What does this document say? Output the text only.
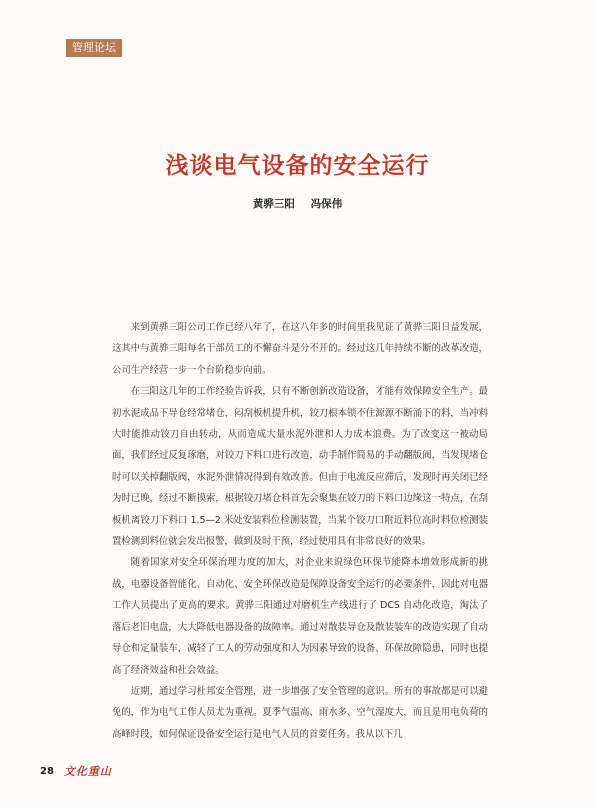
管理论坛
浅谈电气设备的安全运行
黄骅三阳 冯保伟

来到黄骅三阳公司工作已经八年了，在这八年多的时间里我见证了黄骅三阳日益发展，这其中与黄骅三阳每名干部员工的不懈奋斗是分不开的。经过这几年持续不断的改革改造，公司生产经营一步一个台阶稳步向前。

在三阳这几年的工作经验告诉我，只有不断创新改造设备，才能有效保障安全生产。最初水泥成品下导仓经常堵仓，闷刮板机提升机，铰刀根本锁不住源源不断涌下的料，当冲料大时能推动铰刀自由转动，从而造成大量水泥外泄和人力成本浪费。为了改变这一被动局面，我们经过反复琢磨，对铰刀下料口进行改造，动手制作简易的手动翻版阀，当发现堵仓时可以关掉翻版阀，水泥外泄情况得到有效改善。但由于电流反应滞后，发现时再关闭已经为时已晚，经过不断摸索，根据铰刀堵仓料首先会聚集在铰刀的下料口边缘这一特点，在刮板机离铰刀下料口 1.5—2 米处安装料位检测装置，当某个铰刀口附近料位高时料位检测装置检测到料位就会发出报警，做到及时干预，经过使用具有非常良好的效果。

随着国家对安全环保治理力度的加大，对企业来说绿色环保节能降本增效形成新的挑战，电器设备智能化、自动化、安全环保改造是保障设备安全运行的必要条件，因此对电器工作人员提出了更高的要求。黄骅三阳通过对磨机生产线进行了 DCS 自动化改造，淘汰了落后老旧电盘，大大降低电器设备的故障率。通过对散装导仓及散装装车的改造实现了自动导仓和定量装车，减轻了工人的劳动强度和人为因素导致的设备、环保故障隐患，同时也提高了经济效益和社会效益。

近期，通过学习杜邦安全管理，进一步增强了安全管理的意识。所有的事故都是可以避免的，作为电气工作人员尤为重视。夏季气温高、雨水多、空气湿度大，而且是用电负荷的高峰时段，如何保证设备安全运行是电气人员的首要任务。我从以下几

28 文化重山
